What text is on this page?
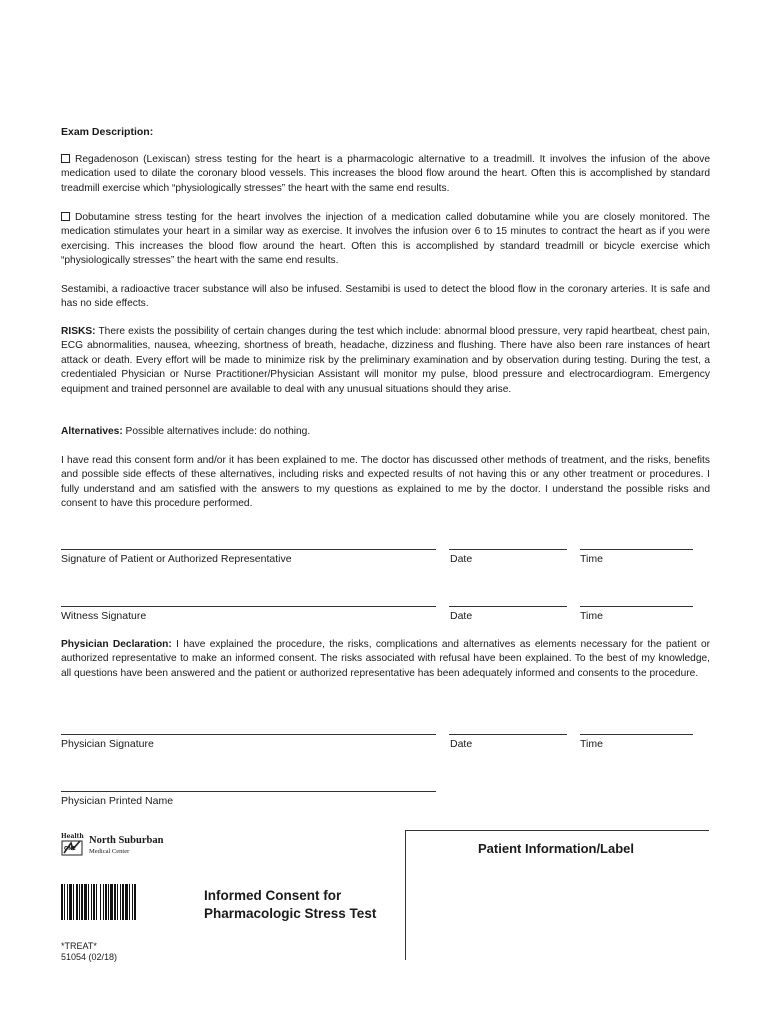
Exam Description:

Regadenoson (Lexiscan) stress testing for the heart is a pharmacologic alternative to a treadmill. It involves the infusion of the above medication used to dilate the coronary blood vessels. This increases the blood flow around the heart. Often this is accomplished by standard treadmill exercise which “physiologically stresses” the heart with the same end results.

Dobutamine stress testing for the heart involves the injection of a medication called dobutamine while you are closely monitored. The medication stimulates your heart in a similar way as exercise. It involves the infusion over 6 to 15 minutes to contract the heart as if you were exercising. This increases the blood flow around the heart. Often this is accomplished by standard treadmill or bicycle exercise which “physiologically stresses” the heart with the same end results.

Sestamibi, a radioactive tracer substance will also be infused. Sestamibi is used to detect the blood flow in the coronary arteries. It is safe and has no side effects.

RISKS: There exists the possibility of certain changes during the test which include: abnormal blood pressure, very rapid heartbeat, chest pain, ECG abnormalities, nausea, wheezing, shortness of breath, headache, dizziness and flushing. There have also been rare instances of heart attack or death. Every effort will be made to minimize risk by the preliminary examination and by observation during testing. During the test, a credentialed Physician or Nurse Practitioner/Physician Assistant will monitor my pulse, blood pressure and electrocardiogram. Emergency equipment and trained personnel are available to deal with any unusual situations should they arise.

Alternatives: Possible alternatives include: do nothing.

I have read this consent form and/or it has been explained to me. The doctor has discussed other methods of treatment, and the risks, benefits and possible side effects of these alternatives, including risks and expected results of not having this or any other treatment or procedures. I fully understand and am satisfied with the answers to my questions as explained to me by the doctor. I understand the possible risks and consent to have this procedure performed.

Physician Declaration: I have explained the procedure, the risks, complications and alternatives as elements necessary for the patient or authorized representative to make an informed consent. The risks associated with refusal have been explained. To the best of my knowledge, all questions have been answered and the patient or authorized representative has been adequately informed and consents to the procedure.

Signature of Patient or Authorized Representative	Date	Time
Witness Signature	Date	Time
Physician Signature	Date	Time
Physician Printed Name
Health
ONE
North Suburban
Medical Center
Informed Consent for
Pharmacologic Stress Test
*TREAT*
51054 (02/18)
Patient Information/Label
